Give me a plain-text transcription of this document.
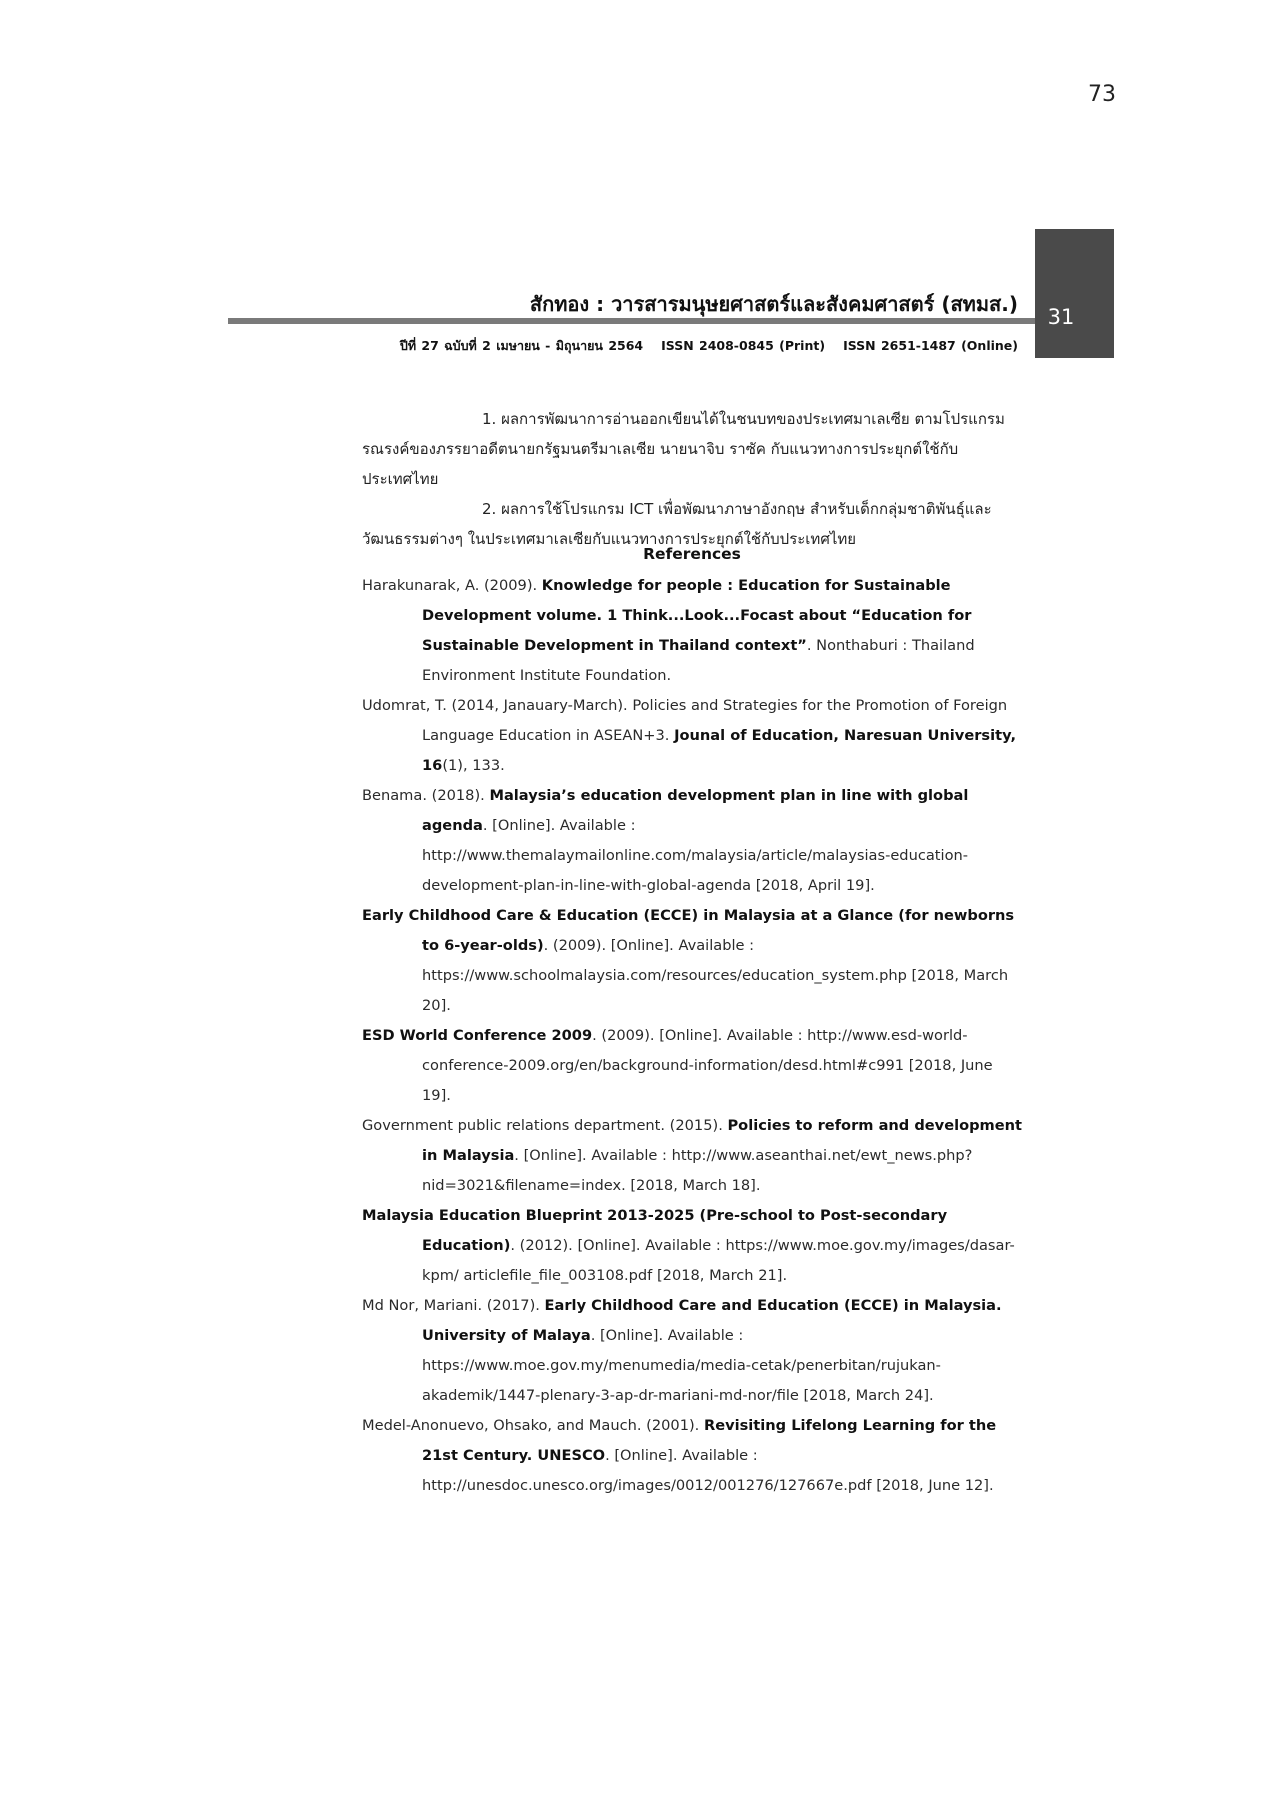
73
31
สักทอง : วารสารมนุษยศาสตร์และสังคมศาสตร์ (สทมส.)
ปีที่ 27 ฉบับที่ 2 เมษายน - มิถุนายน 2564 ISSN 2408-0845 (Print) ISSN 2651-1487 (Online)

1. ผลการพัฒนาการอ่านออกเขียนได้ในชนบทของประเทศมาเลเซีย ตามโปรแกรมรณรงค์ของภรรยาอดีตนายกรัฐมนตรีมาเลเซีย นายนาจิบ ราซัค กับแนวทางการประยุกต์ใช้กับประเทศไทย

2. ผลการใช้โปรแกรม ICT เพื่อพัฒนาภาษาอังกฤษ สำหรับเด็กกลุ่มชาติพันธุ์และวัฒนธรรมต่างๆ ในประเทศมาเลเซียกับแนวทางการประยุกต์ใช้กับประเทศไทย

References
Harakunarak, A. (2009). Knowledge for people : Education for Sustainable Development volume. 1 Think...Look...Focast about “Education for Sustainable Development in Thailand context”. Nonthaburi : Thailand Environment Institute Foundation.
Udomrat, T. (2014, Janauary-March). Policies and Strategies for the Promotion of Foreign Language Education in ASEAN+3. Jounal of Education, Naresuan University, 16(1), 133.
Benama. (2018). Malaysia’s education development plan in line with global agenda. [Online]. Available : http://www.themalaymailonline.com/malaysia/article/malaysias-education-development-plan-in-line-with-global-agenda [2018, April 19].
Early Childhood Care & Education (ECCE) in Malaysia at a Glance (for newborns to 6-year-olds). (2009). [Online]. Available : https://www.schoolmalaysia.com/resources/education_system.php [2018, March 20].
ESD World Conference 2009. (2009). [Online]. Available : http://www.esd-world-conference-2009.org/en/background-information/desd.html#c991 [2018, June 19].
Government public relations department. (2015). Policies to reform and development in Malaysia. [Online]. Available : http://www.aseanthai.net/ewt_news.php?nid=3021&filename=index. [2018, March 18].
Malaysia Education Blueprint 2013-2025 (Pre-school to Post-secondary Education). (2012). [Online]. Available : https://www.moe.gov.my/images/dasar-kpm/ articlefile_file_003108.pdf [2018, March 21].
Md Nor, Mariani. (2017). Early Childhood Care and Education (ECCE) in Malaysia. University of Malaya. [Online]. Available : https://www.moe.gov.my/menumedia/media-cetak/penerbitan/rujukan-akademik/1447-plenary-3-ap-dr-mariani-md-nor/file [2018, March 24].
Medel-Anonuevo, Ohsako, and Mauch. (2001). Revisiting Lifelong Learning for the 21st Century. UNESCO. [Online]. Available : http://unesdoc.unesco.org/images/0012/001276/127667e.pdf [2018, June 12].
